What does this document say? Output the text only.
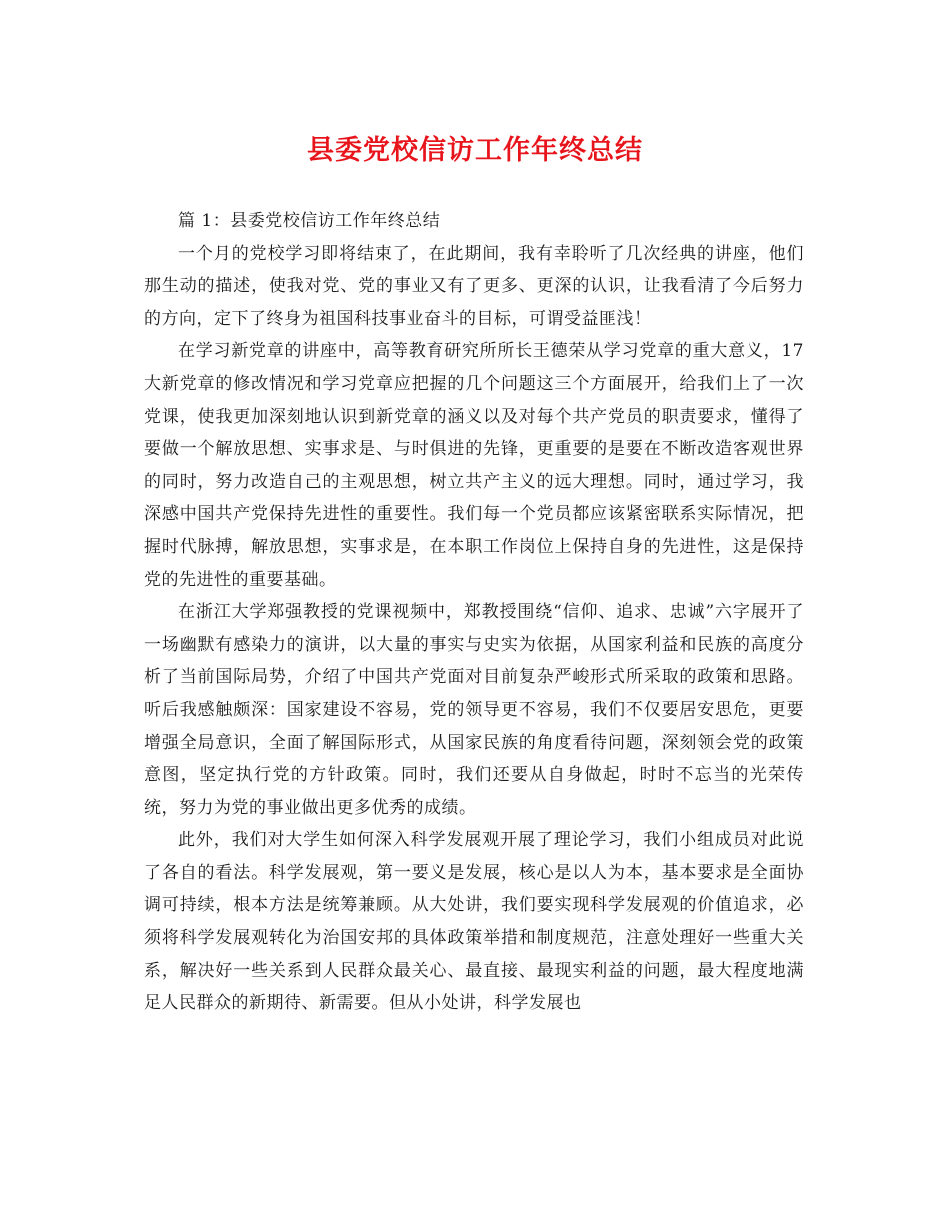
县委党校信访工作年终总结

篇 1：县委党校信访工作年终总结

一个月的党校学习即将结束了，在此期间，我有幸聆听了几次经典的讲座，他们那生动的描述，使我对党、党的事业又有了更多、更深的认识，让我看清了今后努力的方向，定下了终身为祖国科技事业奋斗的目标，可谓受益匪浅！

在学习新党章的讲座中，高等教育研究所所长王德荣从学习党章的重大意义，17大新党章的修改情况和学习党章应把握的几个问题这三个方面展开，给我们上了一次党课，使我更加深刻地认识到新党章的涵义以及对每个共产党员的职责要求，懂得了要做一个解放思想、实事求是、与时俱进的先锋，更重要的是要在不断改造客观世界的同时，努力改造自己的主观思想，树立共产主义的远大理想。同时，通过学习，我深感中国共产党保持先进性的重要性。我们每一个党员都应该紧密联系实际情况，把握时代脉搏，解放思想，实事求是，在本职工作岗位上保持自身的先进性，这是保持党的先进性的重要基础。

在浙江大学郑强教授的党课视频中，郑教授围绕“信仰、追求、忠诚”六字展开了一场幽默有感染力的演讲，以大量的事实与史实为依据，从国家利益和民族的高度分析了当前国际局势，介绍了中国共产党面对目前复杂严峻形式所采取的政策和思路。听后我感触颇深：国家建设不容易，党的领导更不容易，我们不仅要居安思危，更要增强全局意识，全面了解国际形式，从国家民族的角度看待问题，深刻领会党的政策意图，坚定执行党的方针政策。同时，我们还要从自身做起，时时不忘当的光荣传统，努力为党的事业做出更多优秀的成绩。

此外，我们对大学生如何深入科学发展观开展了理论学习，我们小组成员对此说了各自的看法。科学发展观，第一要义是发展，核心是以人为本，基本要求是全面协调可持续，根本方法是统筹兼顾。从大处讲，我们要实现科学发展观的价值追求，必须将科学发展观转化为治国安邦的具体政策举措和制度规范，注意处理好一些重大关系，解决好一些关系到人民群众最关心、最直接、最现实利益的问题，最大程度地满足人民群众的新期待、新需要。但从小处讲，科学发展也
